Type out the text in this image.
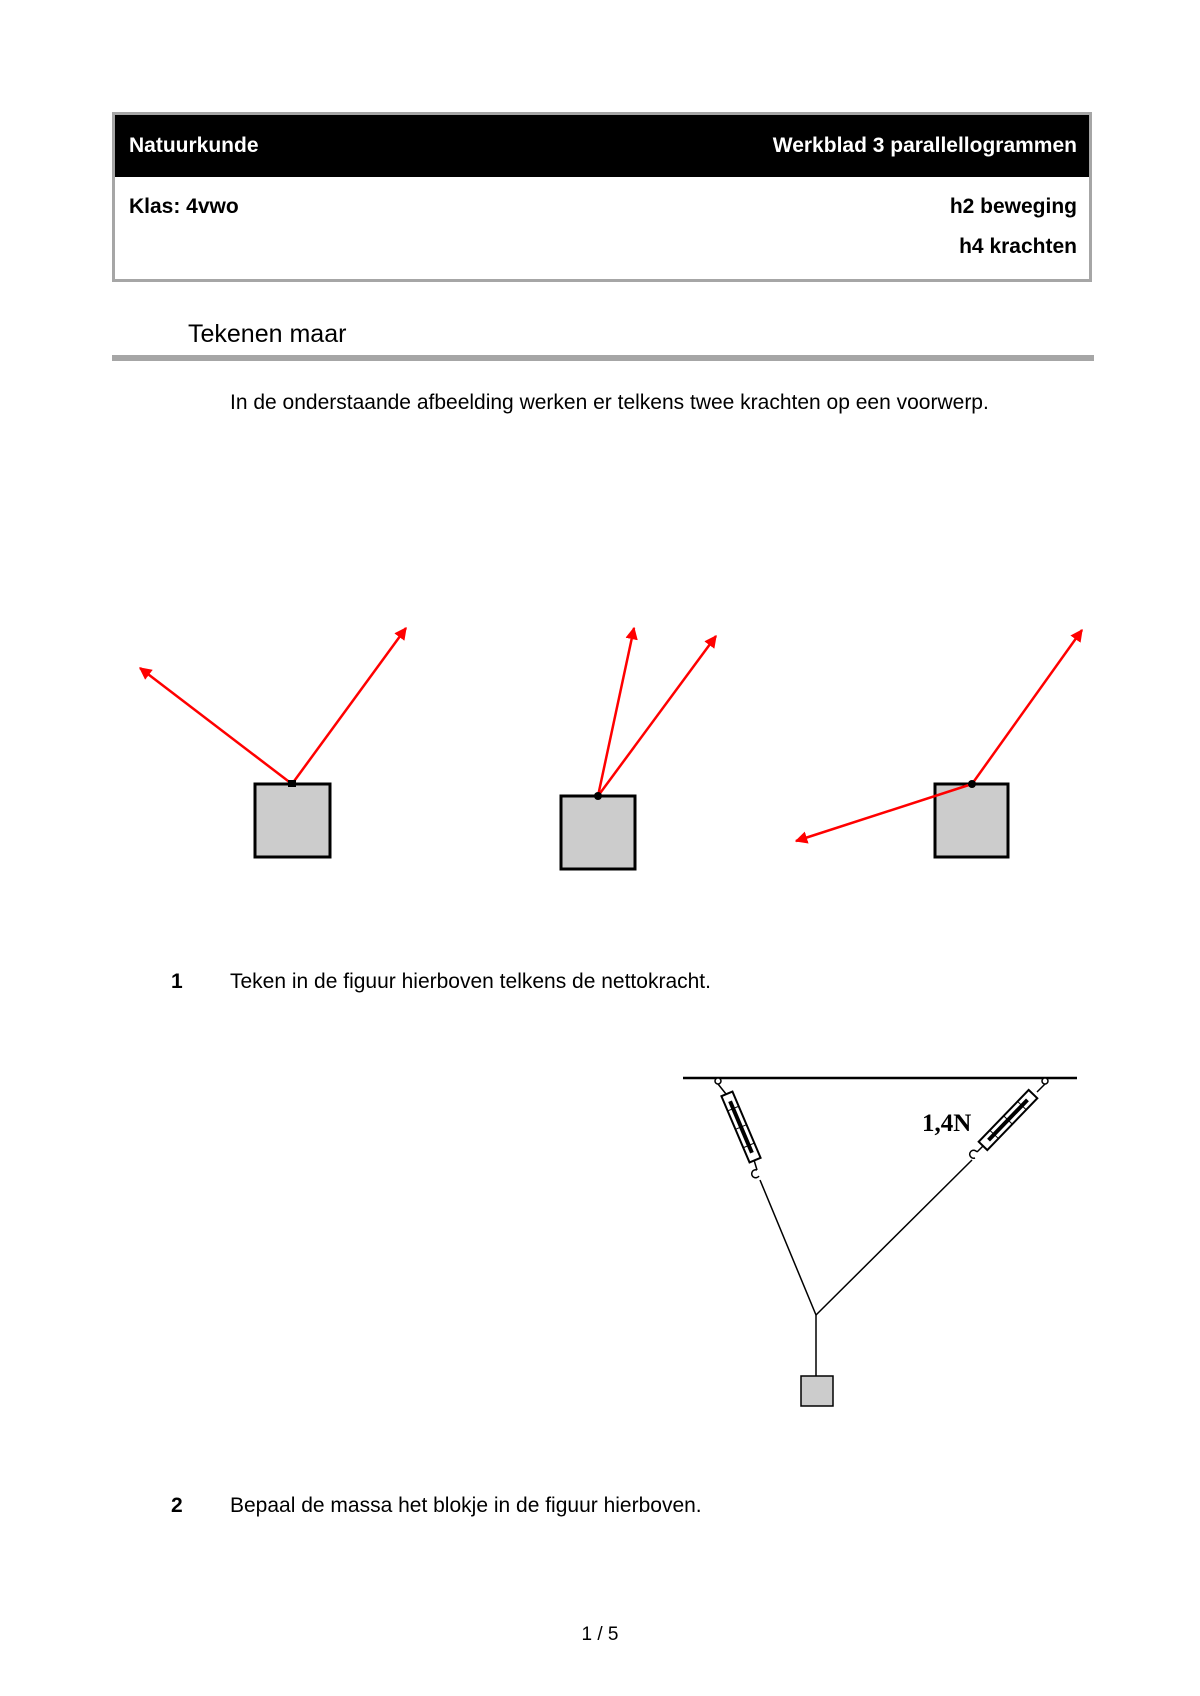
Natuurkunde	Werkblad 3 parallellogrammen
Klas: 4vwo	h2 beweging
h4 krachten
Tekenen maar
In de onderstaande afbeelding werken er telkens twee krachten op een voorwerp.
1 Teken in de figuur hierboven telkens de nettokracht.
1,4N
2 Bepaal de massa het blokje in de figuur hierboven.
1 / 5
